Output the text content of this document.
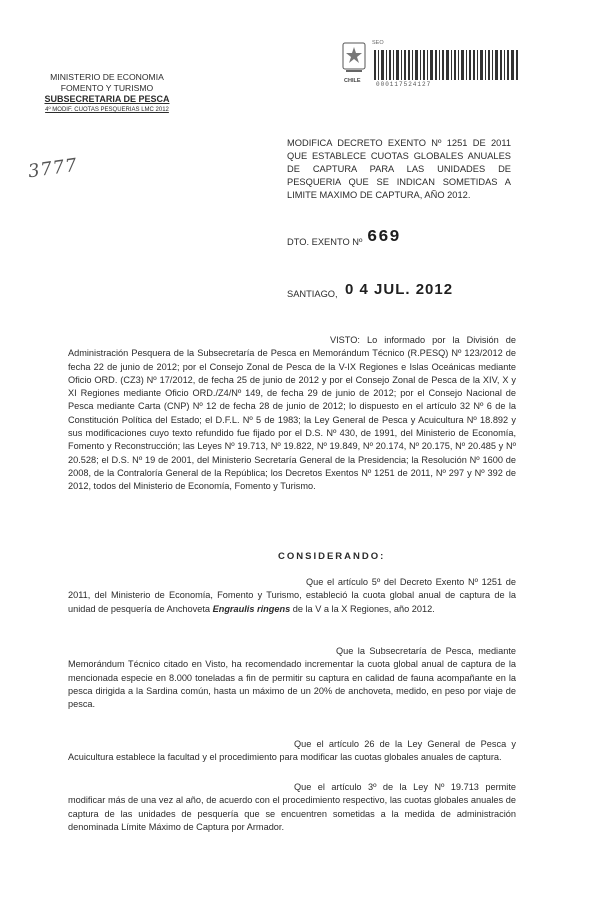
MINISTERIO DE ECONOMIA
FOMENTO Y TURISMO
SUBSECRETARIA DE PESCA
4º MODIF. CUOTAS PESQUERIAS LMC 2012
3777
CHILE
SEO
000117524127
MODIFICA DECRETO EXENTO Nº 1251 DE 2011 QUE ESTABLECE CUOTAS GLOBALES ANUALES DE CAPTURA PARA LAS UNIDADES DE PESQUERIA QUE SE INDICAN SOMETIDAS A LIMITE MAXIMO DE CAPTURA, AÑO 2012.
DTO. EXENTO Nº 669
SANTIAGO, 0 4 JUL. 2012
VISTO: Lo informado por la División de Administración Pesquera de la Subsecretaría de Pesca en Memorándum Técnico (R.PESQ) Nº 123/2012 de fecha 22 de junio de 2012; por el Consejo Zonal de Pesca de la V-IX Regiones e Islas Oceánicas mediante Oficio ORD. (CZ3) Nº 17/2012, de fecha 25 de junio de 2012 y por el Consejo Zonal de Pesca de la XIV, X y XI Regiones mediante Oficio ORD./Z4/Nº 149, de fecha 29 de junio de 2012; por el Consejo Nacional de Pesca mediante Carta (CNP) Nº 12 de fecha 28 de junio de 2012; lo dispuesto en el artículo 32 Nº 6 de la Constitución Política del Estado; el D.F.L. Nº 5 de 1983; la Ley General de Pesca y Acuicultura Nº 18.892 y sus modificaciones cuyo texto refundido fue fijado por el D.S. Nº 430, de 1991, del Ministerio de Economía, Fomento y Reconstrucción; las Leyes Nº 19.713, Nº 19.822, Nº 19.849, Nº 20.174, Nº 20.175, Nº 20.485 y Nº 20.528; el D.S. Nº 19 de 2001, del Ministerio Secretaría General de la Presidencia; la Resolución Nº 1600 de 2008, de la Contraloría General de la República; los Decretos Exentos Nº 1251 de 2011, Nº 297 y Nº 392 de 2012, todos del Ministerio de Economía, Fomento y Turismo.
CONSIDERANDO:
Que el artículo 5º del Decreto Exento Nº 1251 de 2011, del Ministerio de Economía, Fomento y Turismo, estableció la cuota global anual de captura de la unidad de pesquería de Anchoveta Engraulis ringens de la V a la X Regiones, año 2012.
Que la Subsecretaría de Pesca, mediante Memorándum Técnico citado en Visto, ha recomendado incrementar la cuota global anual de captura de la mencionada especie en 8.000 toneladas a fin de permitir su captura en calidad de fauna acompañante en la pesca dirigida a la Sardina común, hasta un máximo de un 20% de anchoveta, medido, en peso por viaje de pesca.
Que el artículo 26 de la Ley General de Pesca y Acuicultura establece la facultad y el procedimiento para modificar las cuotas globales anuales de captura.
Que el artículo 3º de la Ley Nº 19.713 permite modificar más de una vez al año, de acuerdo con el procedimiento respectivo, las cuotas globales anuales de captura de las unidades de pesquería que se encuentren sometidas a la medida de administración denominada Límite Máximo de Captura por Armador.
